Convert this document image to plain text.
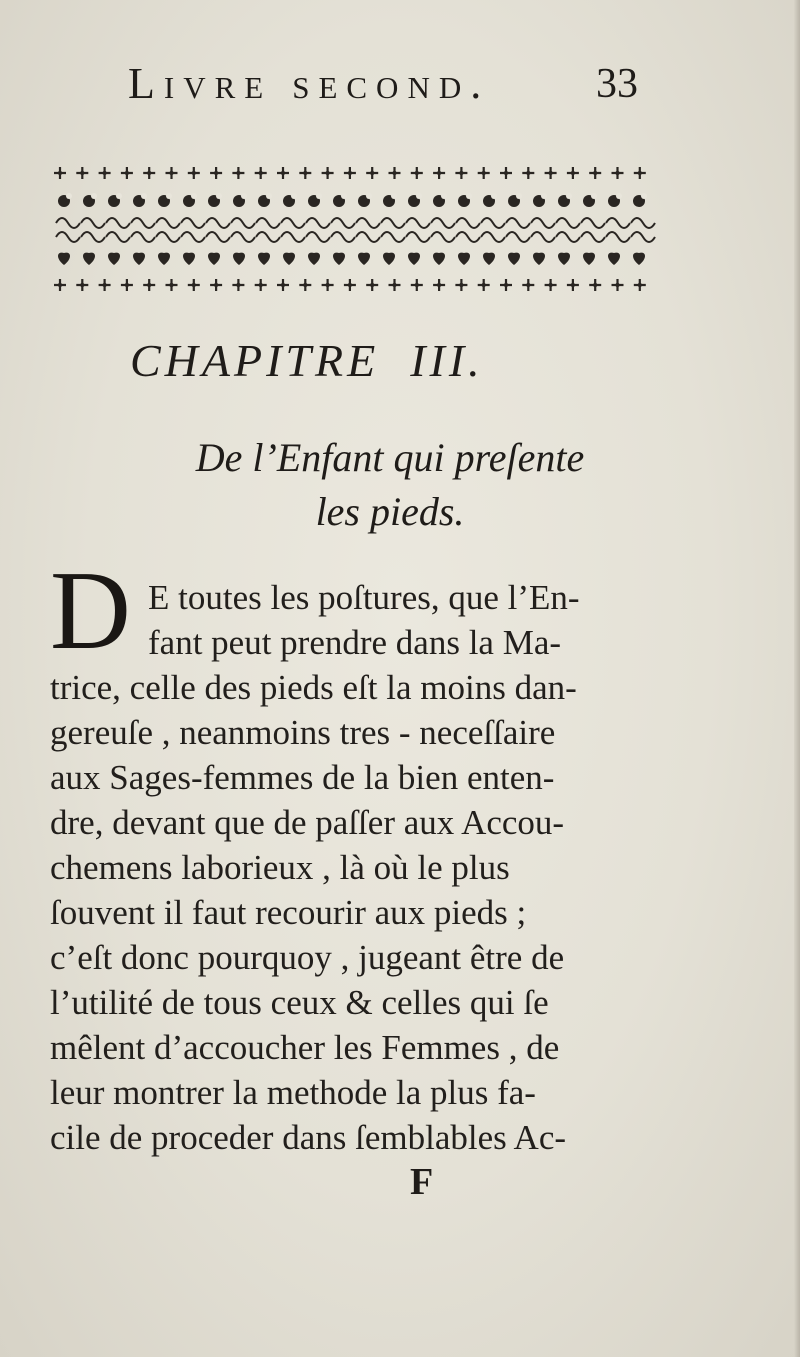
Livre second.	33
CHAPITRE  III.
De l’Enfant qui preſente
les pieds.
D E toutes les poſtures, que l’En-
fant peut prendre dans la Ma-
trice, celle des pieds eſt la moins dan-
gereuſe , neanmoins tres - neceſſaire
aux Sages-femmes de la bien enten-
dre, devant que de paſſer aux Accou-
chemens laborieux , là où le plus
ſouvent il faut recourir aux pieds ;
c’eſt donc pourquoy , jugeant être de
l’utilité de tous ceux & celles qui ſe
mêlent d’accoucher les Femmes , de
leur montrer la methode la plus fa-
cile de proceder dans ſemblables Ac-
F
